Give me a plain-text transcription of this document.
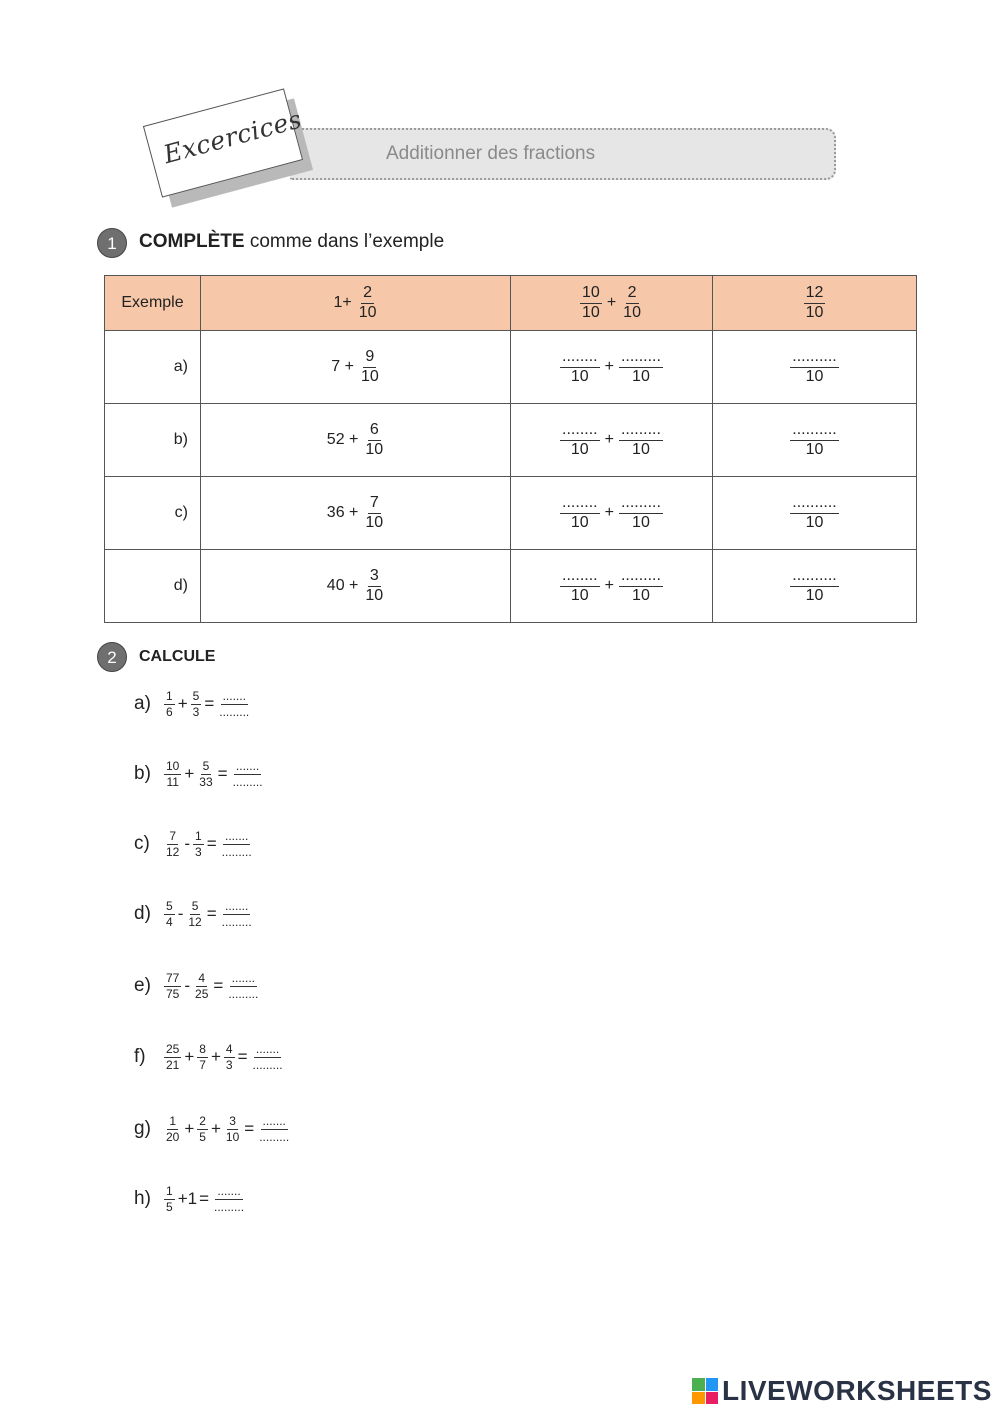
Additionner des fractions
Excercices
1	COMPLÈTE comme dans l’exemple
Exemple	$1+ \frac{2}{10}$	$\frac{10}{10} + \frac{2}{10}$	$\frac{12}{10}$

a)	$7 + \frac{9}{10}$	$\frac{........}{10} + \frac{.........}{10}$	$\frac{..........}{10}$

b)	$52 + \frac{6}{10}$	$\frac{........}{10} + \frac{.........}{10}$	$\frac{..........}{10}$

c)	$36 + \frac{7}{10}$	$\frac{........}{10} + \frac{.........}{10}$	$\frac{..........}{10}$

d)	$40 + \frac{3}{10}$	$\frac{........}{10} + \frac{.........}{10}$	$\frac{..........}{10}$
2	CALCULE
a)	$\frac{1}{6} + \frac{5}{3} = \frac{.......}{.........}$
b)	$\frac{10}{11} + \frac{5}{33} = \frac{.......}{.........}$
c)	$\frac{7}{12} - \frac{1}{3} = \frac{.......}{.........}$
d)	$\frac{5}{4} - \frac{5}{12} = \frac{.......}{.........}$
e)	$\frac{77}{75} - \frac{4}{25} = \frac{.......}{.........}$
f)	$\frac{25}{21} + \frac{8}{7} + \frac{4}{3} = \frac{.......}{.........}$
g)	$\frac{1}{20} + \frac{2}{5} + \frac{3}{10} = \frac{.......}{.........}$
h)	$\frac{1}{5} +1 = \frac{.......}{.........}$
LIVEWORKSHEETS
